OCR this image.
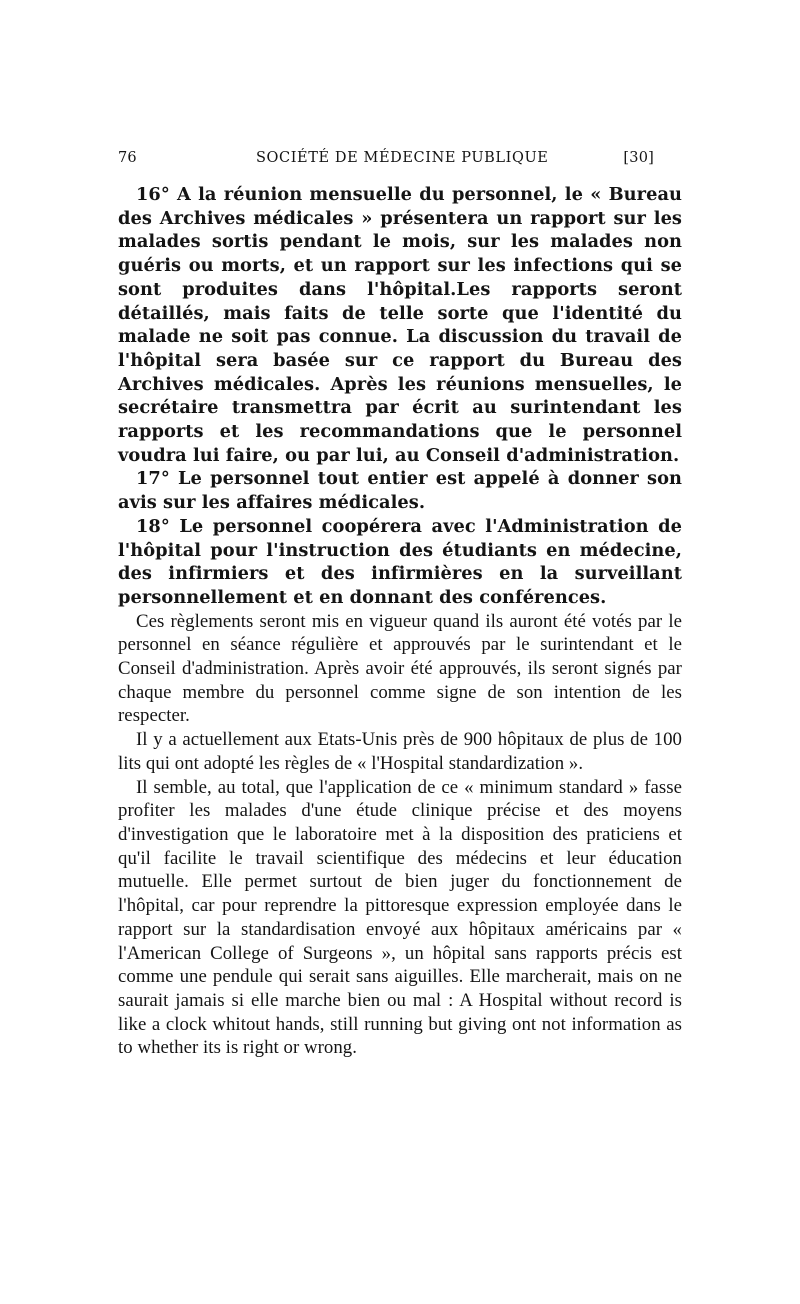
76	SOCIÉTÉ DE MÉDECINE PUBLIQUE	[30]

16° A la réunion mensuelle du personnel, le « Bureau des Archives médicales » présentera un rapport sur les malades sortis pendant le mois, sur les malades non guéris ou morts, et un rapport sur les infections qui se sont produites dans l'hôpital.Les rapports seront détaillés, mais faits de telle sorte que l'identité du malade ne soit pas connue. La discussion du travail de l'hôpital sera basée sur ce rapport du Bureau des Archives médicales. Après les réunions mensuelles, le secrétaire transmettra par écrit au surintendant les rapports et les recommandations que le personnel voudra lui faire, ou par lui, au Conseil d'administration.

17° Le personnel tout entier est appelé à donner son avis sur les affaires médicales.

18° Le personnel coopérera avec l'Administration de l'hôpital pour l'instruction des étudiants en médecine, des infirmiers et des infirmières en la surveillant personnellement et en donnant des conférences.

Ces règlements seront mis en vigueur quand ils auront été votés par le personnel en séance régulière et approuvés par le surintendant et le Conseil d'administration. Après avoir été approuvés, ils seront signés par chaque membre du personnel comme signe de son intention de les respecter.

Il y a actuellement aux Etats-Unis près de 900 hôpitaux de plus de 100 lits qui ont adopté les règles de « l'Hospital standardization ».

Il semble, au total, que l'application de ce « minimum standard » fasse profiter les malades d'une étude clinique précise et des moyens d'investigation que le laboratoire met à la disposition des praticiens et qu'il facilite le travail scientifique des médecins et leur éducation mutuelle. Elle permet surtout de bien juger du fonctionnement de l'hôpital, car pour reprendre la pittoresque expression employée dans le rapport sur la standardisation envoyé aux hôpitaux américains par « l'American College of Surgeons », un hôpital sans rapports précis est comme une pendule qui serait sans aiguilles. Elle marcherait, mais on ne saurait jamais si elle marche bien ou mal : A Hospital without record is like a clock whitout hands, still running but giving ont not information as to whether its is right or wrong.
